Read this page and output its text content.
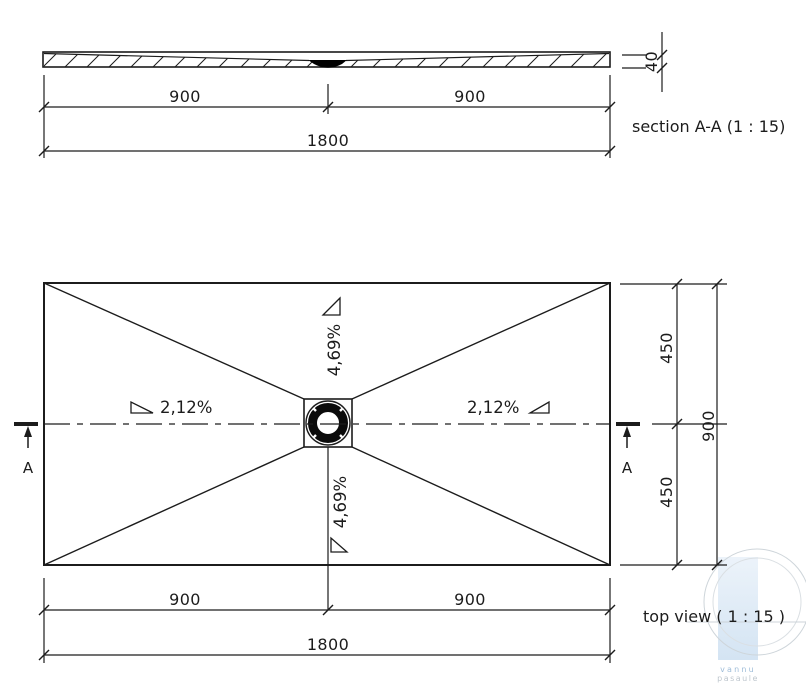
vannu
pasaule
900	900
1800
40
section A-A (1 : 15)
2,12%	2,12%
4,69%
4,69%
A	A
450
450
900
900	900
1800
top view ( 1 : 15 )
